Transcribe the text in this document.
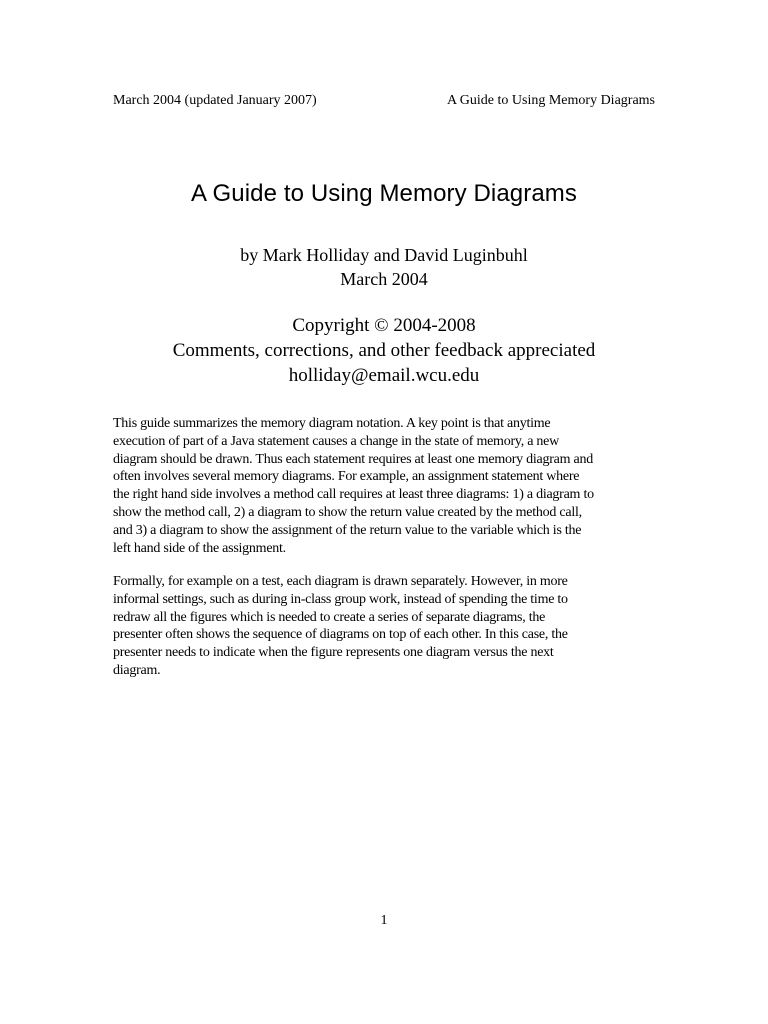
March 2004 (updated January 2007)	A Guide to Using Memory Diagrams
A Guide to Using Memory Diagrams
by Mark Holliday and David Luginbuhl
March 2004
Copyright © 2004-2008
Comments, corrections, and other feedback appreciated
holliday@email.wcu.edu

This guide summarizes the memory diagram notation. A key point is that anytime
execution of part of a Java statement causes a change in the state of memory, a new
diagram should be drawn. Thus each statement requires at least one memory diagram and
often involves several memory diagrams. For example, an assignment statement where
the right hand side involves a method call requires at least three diagrams: 1) a diagram to
show the method call, 2) a diagram to show the return value created by the method call,
and 3) a diagram to show the assignment of the return value to the variable which is the
left hand side of the assignment.

Formally, for example on a test, each diagram is drawn separately. However, in more
informal settings, such as during in-class group work, instead of spending the time to
redraw all the figures which is needed to create a series of separate diagrams, the
presenter often shows the sequence of diagrams on top of each other. In this case, the
presenter needs to indicate when the figure represents one diagram versus the next
diagram.

1
